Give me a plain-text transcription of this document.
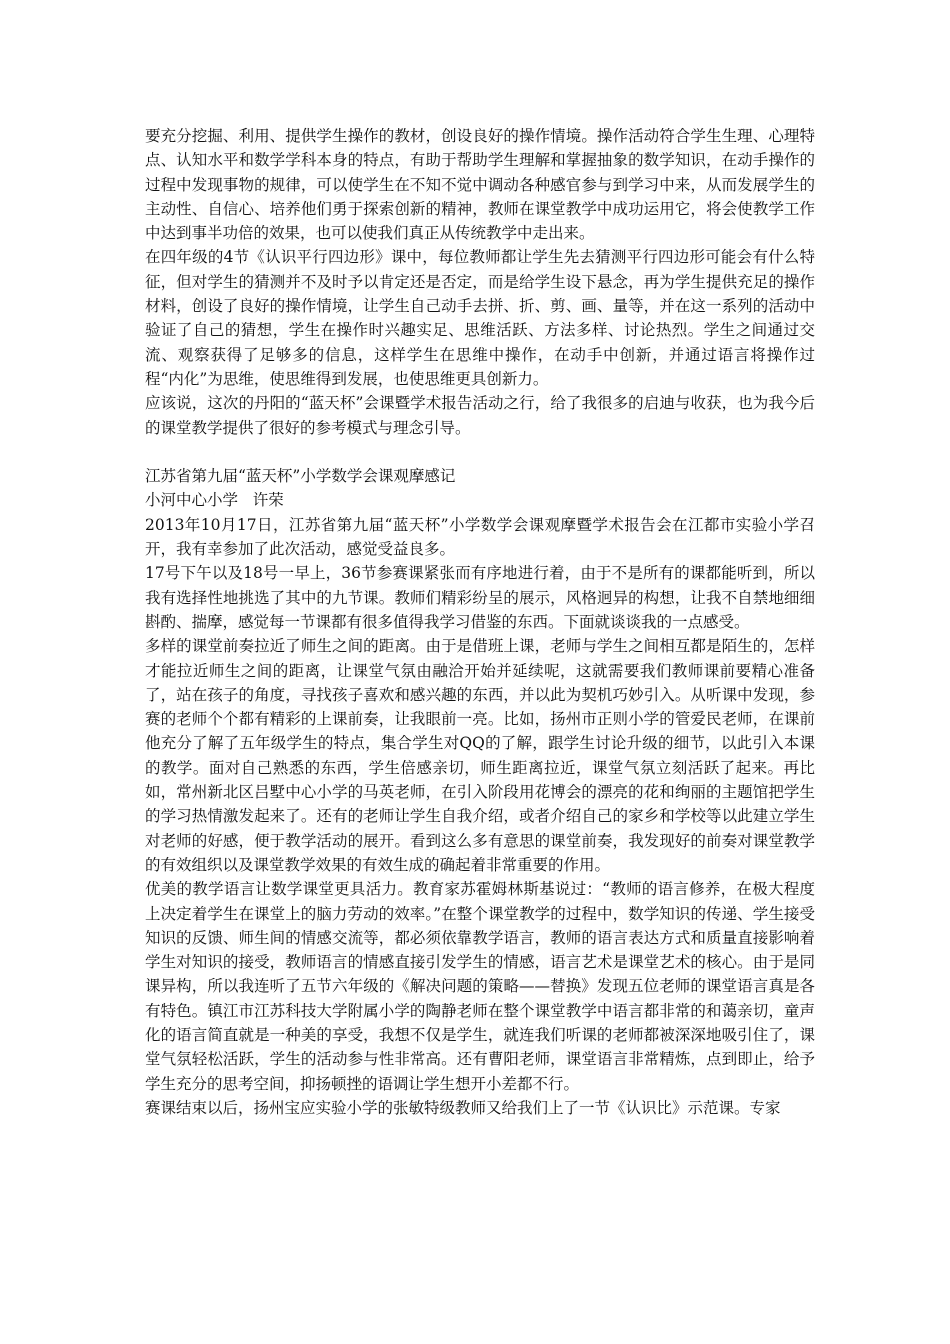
要充分挖掘、利用、提供学生操作的教材，创设良好的操作情境。操作活动符合学生生理、心理特点、认知水平和数学学科本身的特点，有助于帮助学生理解和掌握抽象的数学知识，在动手操作的过程中发现事物的规律，可以使学生在不知不觉中调动各种感官参与到学习中来，从而发展学生的主动性、自信心、培养他们勇于探索创新的精神，教师在课堂教学中成功运用它，将会使教学工作中达到事半功倍的效果，也可以使我们真正从传统教学中走出来。

在四年级的4节《认识平行四边形》课中，每位教师都让学生先去猜测平行四边形可能会有什么特征，但对学生的猜测并不及时予以肯定还是否定，而是给学生设下悬念，再为学生提供充足的操作材料，创设了良好的操作情境，让学生自己动手去拼、折、剪、画、量等，并在这一系列的活动中验证了自己的猜想，学生在操作时兴趣实足、思维活跃、方法多样、讨论热烈。学生之间通过交流、观察获得了足够多的信息，这样学生在思维中操作，在动手中创新，并通过语言将操作过程“内化”为思维，使思维得到发展，也使思维更具创新力。

应该说，这次的丹阳的“蓝天杯”会课暨学术报告活动之行，给了我很多的启迪与收获，也为我今后的课堂教学提供了很好的参考模式与理念引导。

江苏省第九届“蓝天杯”小学数学会课观摩感记

小河中心小学   许荣

2013年10月17日，江苏省第九届“蓝天杯”小学数学会课观摩暨学术报告会在江都市实验小学召开，我有幸参加了此次活动，感觉受益良多。

17号下午以及18号一早上，36节参赛课紧张而有序地进行着，由于不是所有的课都能听到，所以我有选择性地挑选了其中的九节课。教师们精彩纷呈的展示，风格迥异的构想，让我不自禁地细细斟酌、揣摩，感觉每一节课都有很多值得我学习借鉴的东西。下面就谈谈我的一点感受。

多样的课堂前奏拉近了师生之间的距离。由于是借班上课，老师与学生之间相互都是陌生的，怎样才能拉近师生之间的距离，让课堂气氛由融洽开始并延续呢，这就需要我们教师课前要精心准备了，站在孩子的角度，寻找孩子喜欢和感兴趣的东西，并以此为契机巧妙引入。从听课中发现，参赛的老师个个都有精彩的上课前奏，让我眼前一亮。比如，扬州市正则小学的管爱民老师，在课前他充分了解了五年级学生的特点，集合学生对QQ的了解，跟学生讨论升级的细节，以此引入本课的教学。面对自己熟悉的东西，学生倍感亲切，师生距离拉近，课堂气氛立刻活跃了起来。再比如，常州新北区吕墅中心小学的马英老师，在引入阶段用花博会的漂亮的花和绚丽的主题馆把学生的学习热情激发起来了。还有的老师让学生自我介绍，或者介绍自己的家乡和学校等以此建立学生对老师的好感，便于教学活动的展开。看到这么多有意思的课堂前奏，我发现好的前奏对课堂教学的有效组织以及课堂教学效果的有效生成的确起着非常重要的作用。

优美的教学语言让数学课堂更具活力。教育家苏霍姆林斯基说过：“教师的语言修养，在极大程度上决定着学生在课堂上的脑力劳动的效率。”在整个课堂教学的过程中，数学知识的传递、学生接受知识的反馈、师生间的情感交流等，都必须依靠教学语言，教师的语言表达方式和质量直接影响着学生对知识的接受，教师语言的情感直接引发学生的情感，语言艺术是课堂艺术的核心。由于是同课异构，所以我连听了五节六年级的《解决问题的策略——替换》发现五位老师的课堂语言真是各有特色。镇江市江苏科技大学附属小学的陶静老师在整个课堂教学中语言都非常的和蔼亲切，童声化的语言简直就是一种美的享受，我想不仅是学生，就连我们听课的老师都被深深地吸引住了，课堂气氛轻松活跃，学生的活动参与性非常高。还有曹阳老师，课堂语言非常精炼，点到即止，给予学生充分的思考空间，抑扬顿挫的语调让学生想开小差都不行。

赛课结束以后，扬州宝应实验小学的张敏特级教师又给我们上了一节《认识比》示范课。专家
